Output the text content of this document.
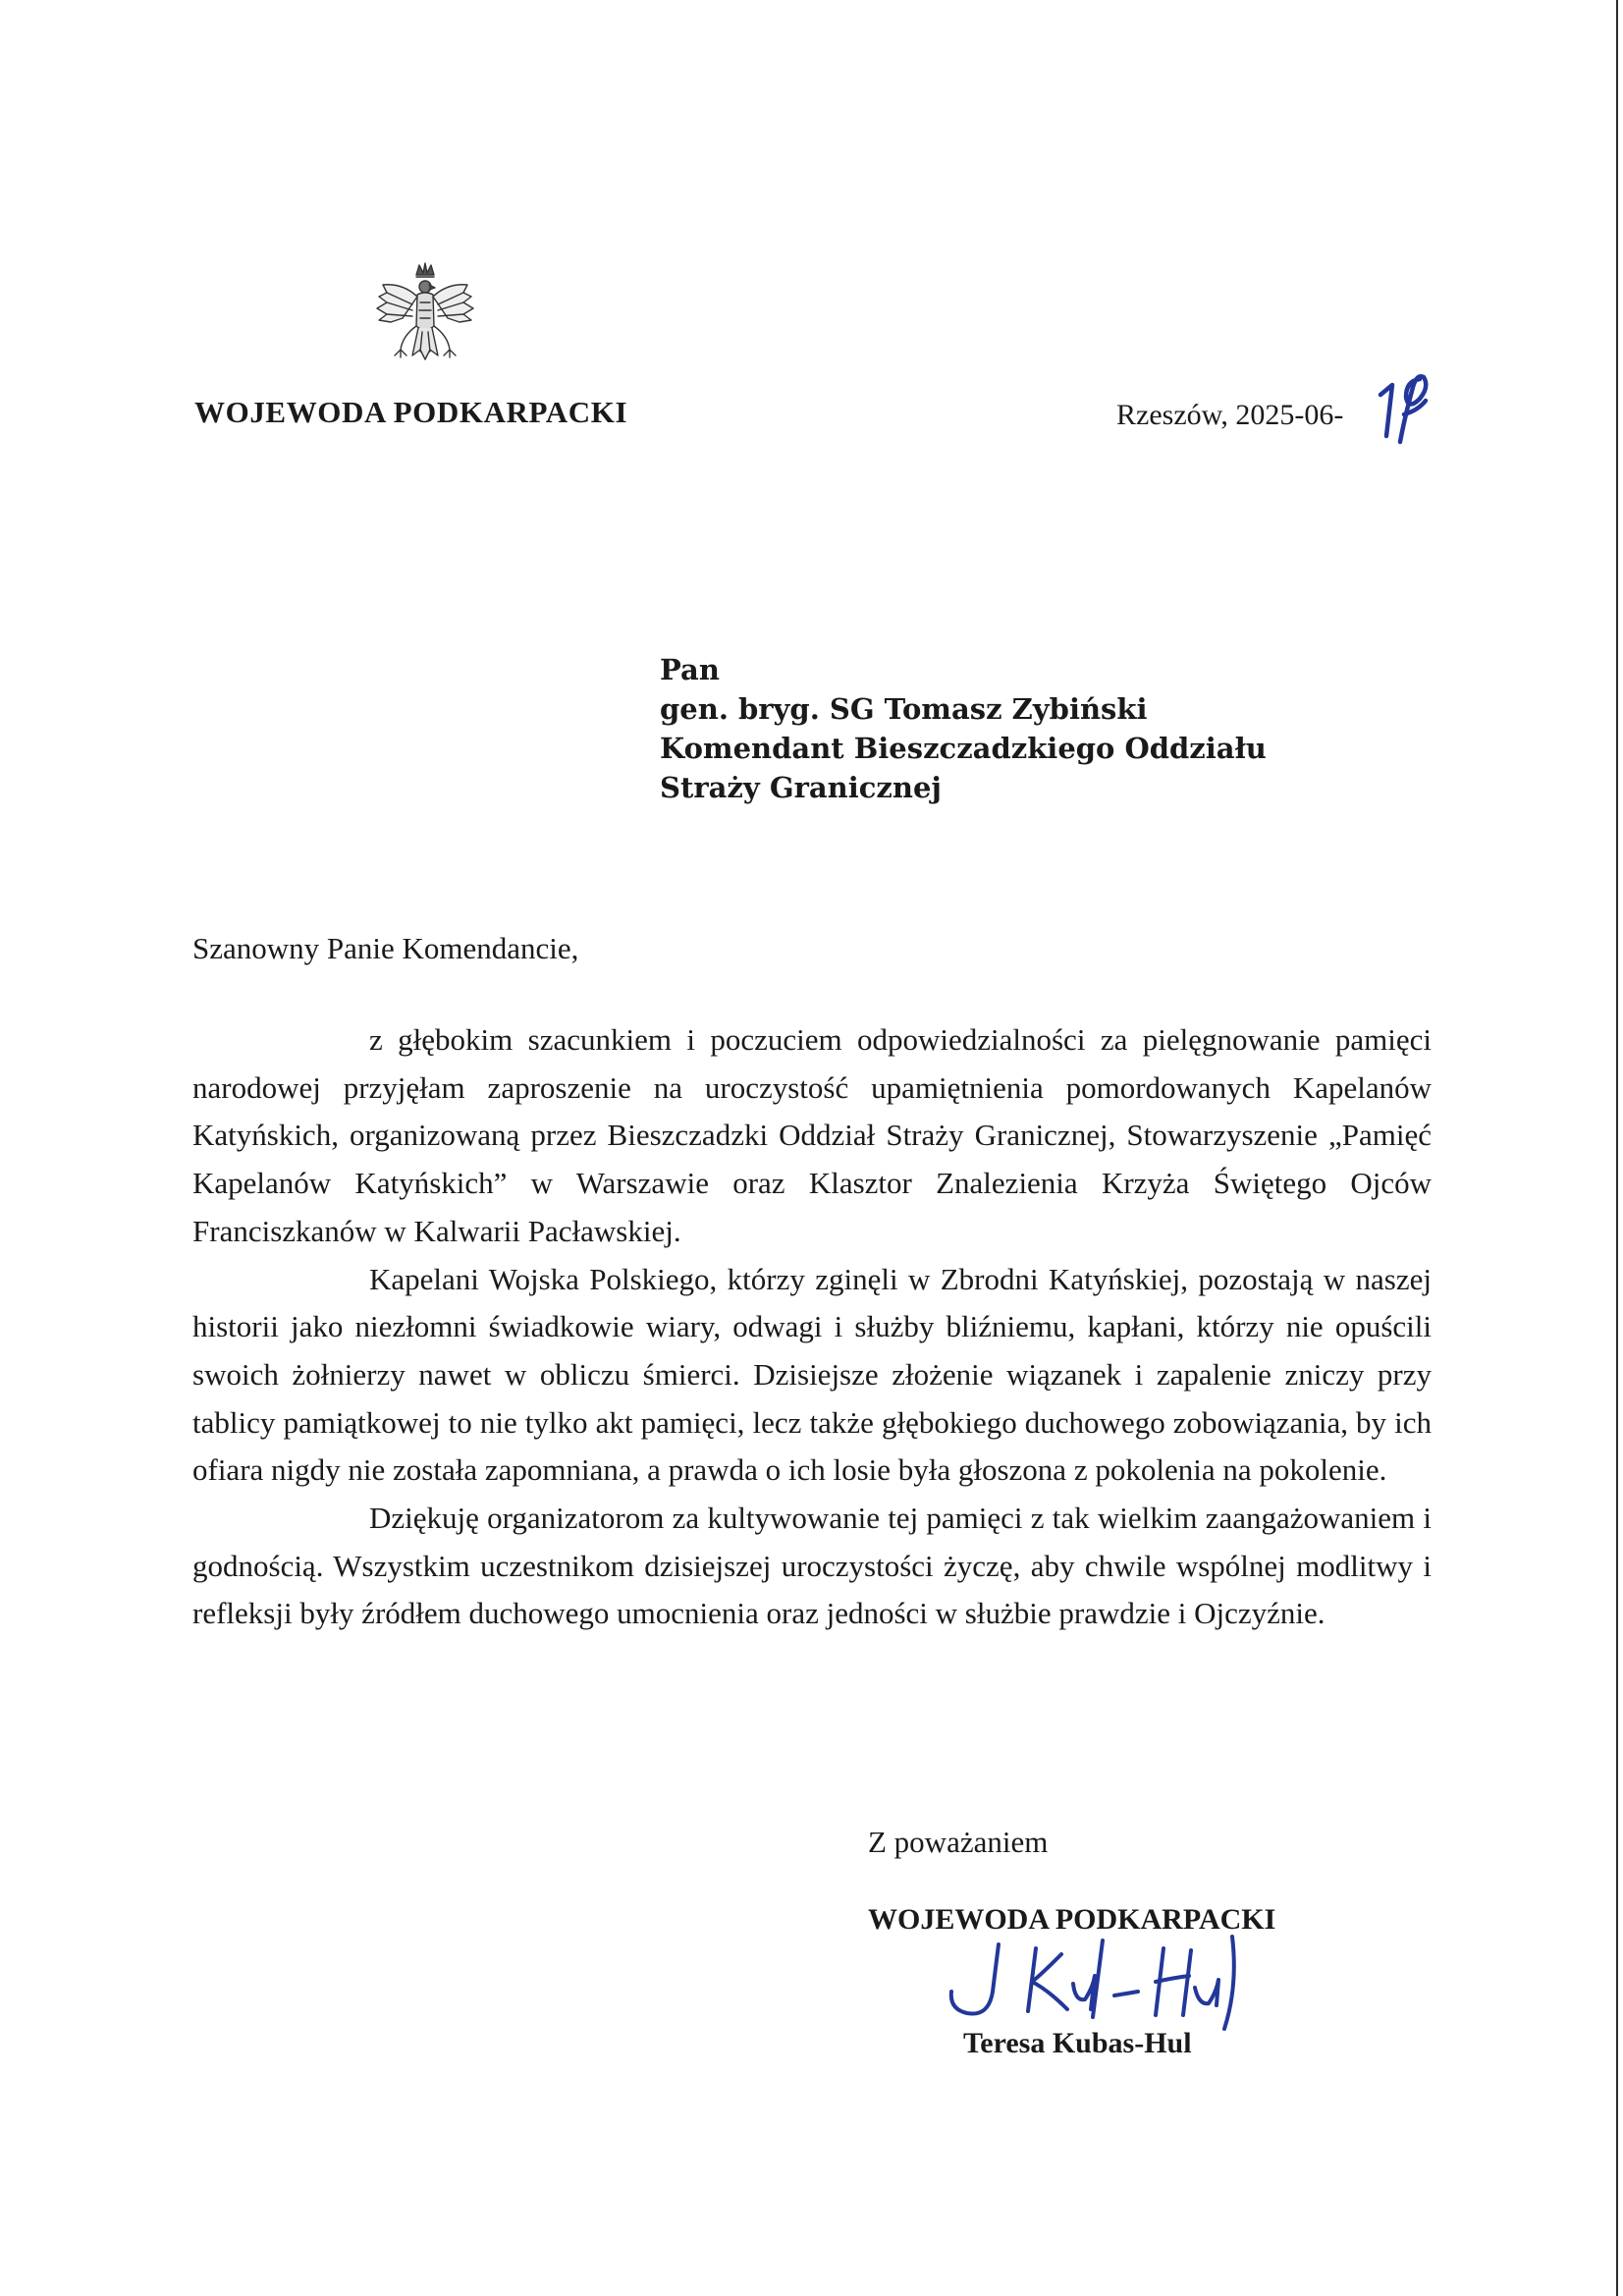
WOJEWODA PODKARPACKI	Rzeszów, 2025-06-
Pan
gen. bryg. SG Tomasz Zybiński
Komendant Bieszczadzkiego Oddziału
Straży Granicznej
Szanowny Panie Komendancie,

z głębokim szacunkiem i poczuciem odpowiedzialności za pielęgnowanie pamięci narodowej przyjęłam zaproszenie na uroczystość upamiętnienia pomordowanych Kapelanów Katyńskich, organizowaną przez Bieszczadzki Oddział Straży Granicznej, Stowarzyszenie „Pamięć Kapelanów Katyńskich” w Warszawie oraz Klasztor Znalezienia Krzyża Świętego Ojców Franciszkanów w Kalwarii Pacławskiej.

Kapelani Wojska Polskiego, którzy zginęli w Zbrodni Katyńskiej, pozostają w naszej historii jako niezłomni świadkowie wiary, odwagi i służby bliźniemu, kapłani, którzy nie opuścili swoich żołnierzy nawet w obliczu śmierci. Dzisiejsze złożenie wiązanek i zapalenie zniczy przy tablicy pamiątkowej to nie tylko akt pamięci, lecz także głębokiego duchowego zobowiązania, by ich ofiara nigdy nie została zapomniana, a prawda o ich losie była głoszona z pokolenia na pokolenie.

Dziękuję organizatorom za kultywowanie tej pamięci z tak wielkim zaangażowaniem i godnością. Wszystkim uczestnikom dzisiejszej uroczystości życzę, aby chwile wspólnej modlitwy i refleksji były źródłem duchowego umocnienia oraz jedności w służbie prawdzie i Ojczyźnie.

Z poważaniem
WOJEWODA PODKARPACKI
Teresa Kubas-Hul
